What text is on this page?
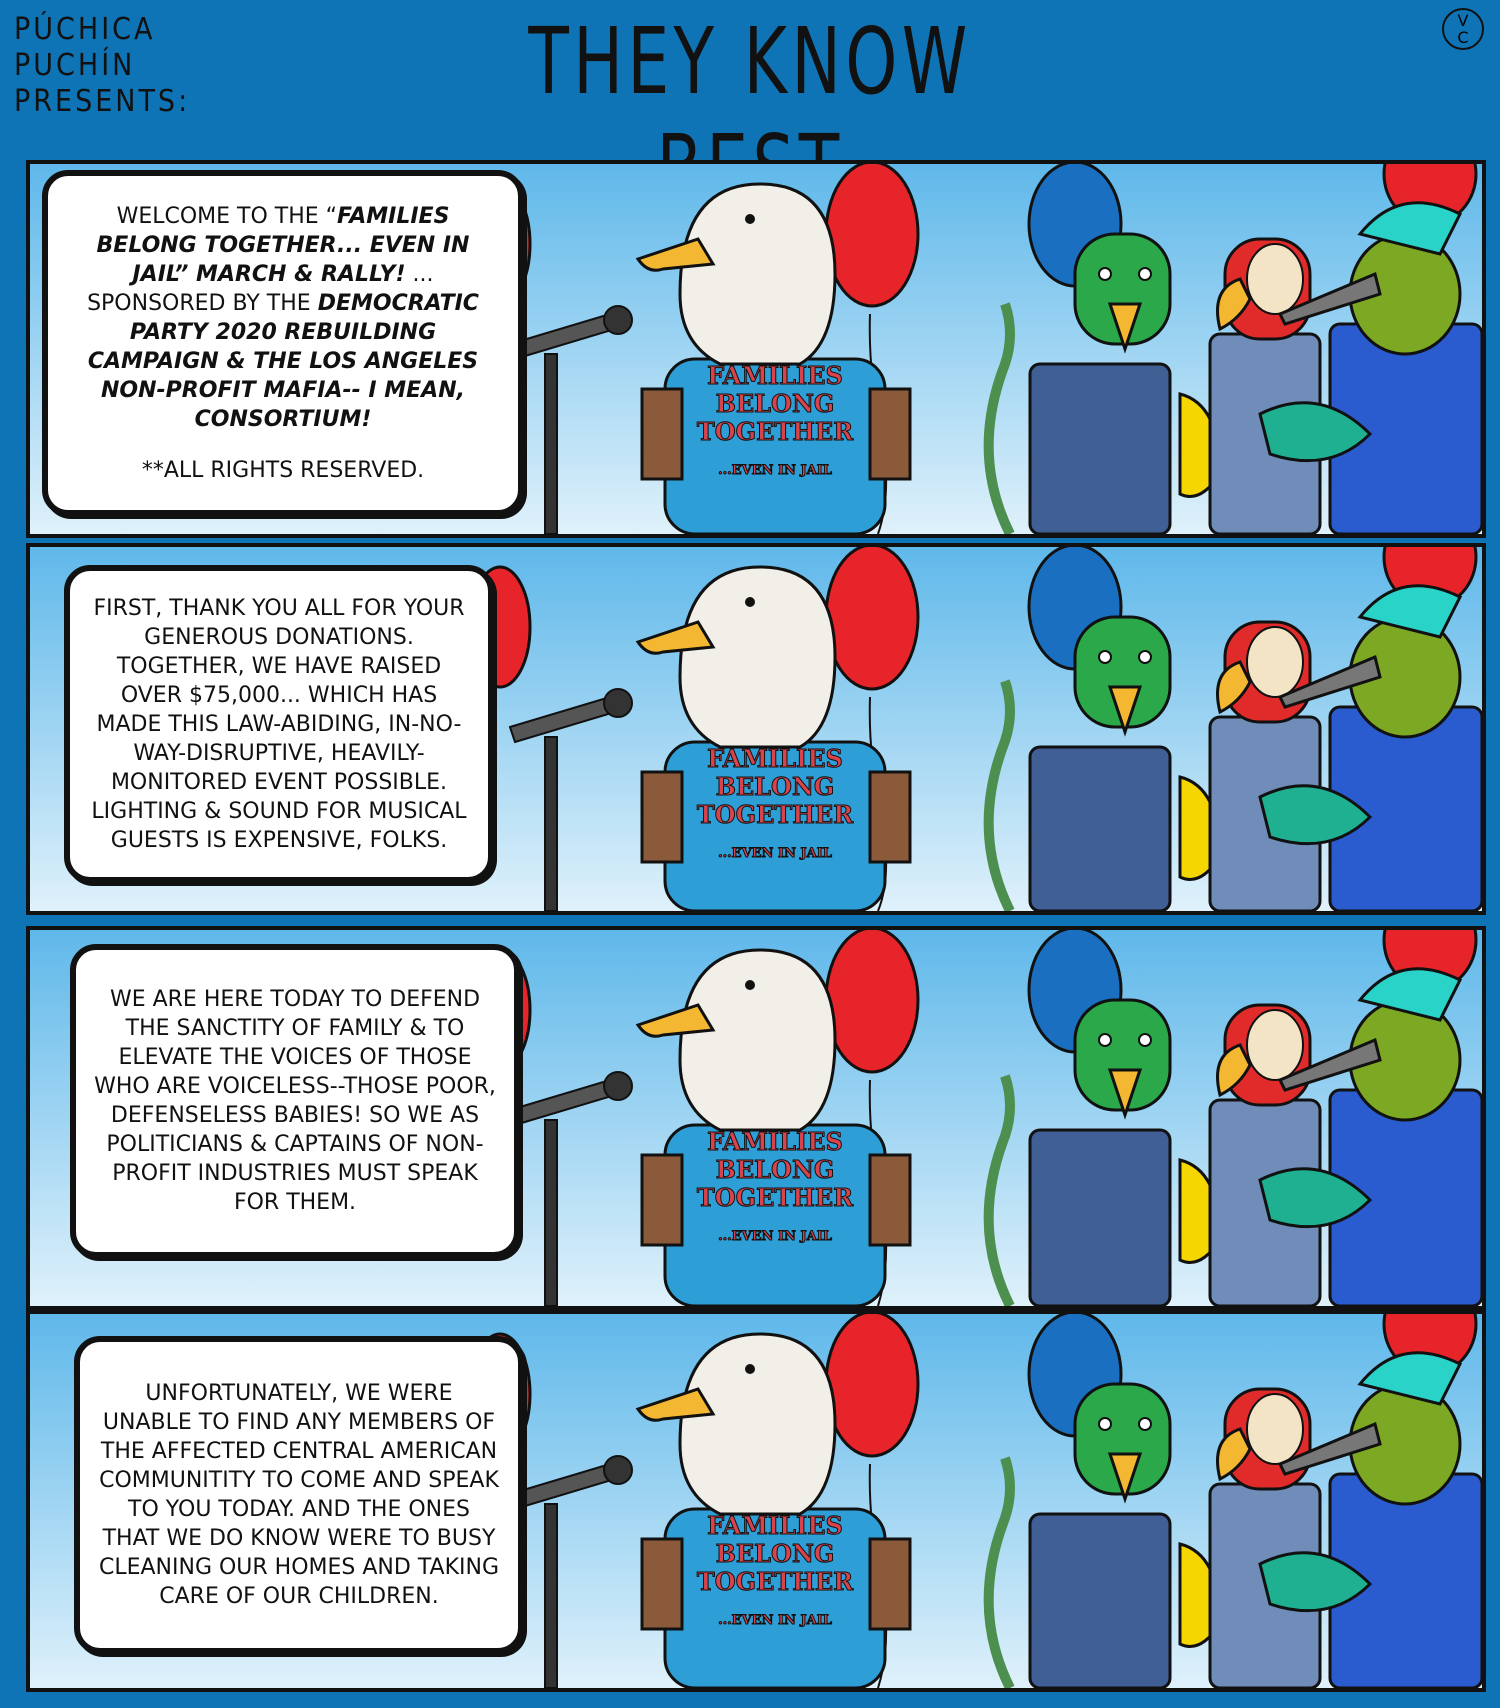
PÚCHICA
PUCHÍN
PRESENTS:	THEY KNOW	V
C
FAMILIES
BELONG
TOGETHER
...EVEN IN JAIL
WELCOME TO THE “FAMILIES BELONG TOGETHER... EVEN IN JAIL” MARCH & RALLY! ... SPONSORED BY THE DEMOCRATIC PARTY 2020 REBUILDING CAMPAIGN & THE LOS ANGELES NON-PROFIT MAFIA-- I MEAN, CONSORTIUM!
**ALL RIGHTS RESERVED.
FAMILIES
BELONG
TOGETHER
...EVEN IN JAIL
FIRST, THANK YOU ALL FOR YOUR GENEROUS DONATIONS. TOGETHER, WE HAVE RAISED OVER $75,000... WHICH HAS MADE THIS LAW-ABIDING, IN-NO-WAY-DISRUPTIVE, HEAVILY-MONITORED EVENT POSSIBLE. LIGHTING & SOUND FOR MUSICAL GUESTS IS EXPENSIVE, FOLKS.
FAMILIES
BELONG
TOGETHER
...EVEN IN JAIL
WE ARE HERE TODAY TO DEFEND THE SANCTITY OF FAMILY & TO ELEVATE THE VOICES OF THOSE WHO ARE VOICELESS--THOSE POOR, DEFENSELESS BABIES! SO WE AS POLITICIANS & CAPTAINS OF NON-PROFIT INDUSTRIES MUST SPEAK FOR THEM.
FAMILIES
BELONG
TOGETHER
...EVEN IN JAIL
UNFORTUNATELY, WE WERE UNABLE TO FIND ANY MEMBERS OF THE AFFECTED CENTRAL AMERICAN COMMUNITITY TO COME AND SPEAK TO YOU TODAY. AND THE ONES THAT WE DO KNOW WERE TO BUSY CLEANING OUR HOMES AND TAKING CARE OF OUR CHILDREN.
